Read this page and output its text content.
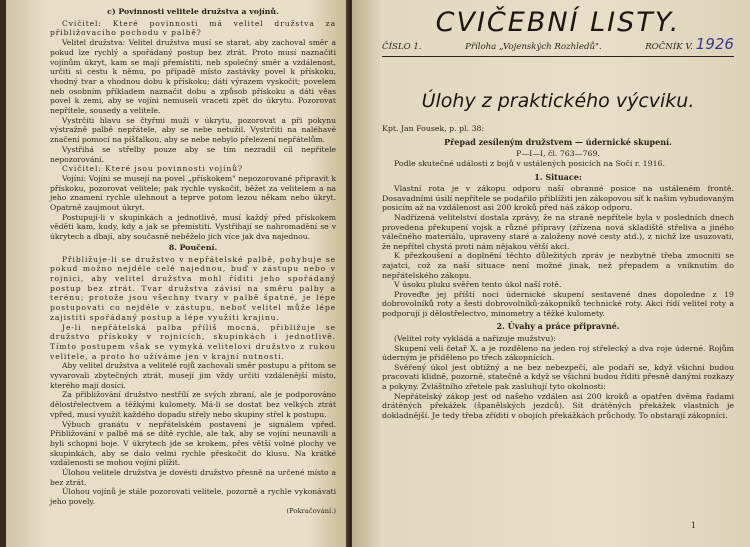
c) Povinnosti velitele družstva a vojínů.

Cvičitel: Které povinnosti má velitel družstva za přibližovacího pochodu v palbě?

Velitel družstva: Velitel družstva musí se starat, aby zachoval směr a pokud lze rychlý a spořádaný postup bez ztrát. Proto musí naznačiti vojínům úkryt, kam se mají přemístiti, neb společný směr a vzdálenost, určiti si cestu k němu, po případě místo zastávky povel k přískoku, vhodný tvar a vhodnou dobu k přískoku; dáti výrazem vyskočit; povelem neb osobním příkladem naznačit dobu a způsob přískoku a dáti věas povel k zemi, aby se vojíni nemuseli vraceti zpět do úkrytu. Pozorovat nepřítele, sousedy a velitele.

Vystrčiti hlavu se čtyřmi muži v úkrytu, pozorovat a při pokynu výstražně palbě nepřátele, aby se nebe netužil. Vystrčiti na naléhavé značení pomocí na píšťalkou, aby se nebe nebylo přelezení nepřátelům.

Vystřihá se střelby pouze aby se tím nezradil cíl nepřítele nepozorování.

Cvičitel: Které jsou povinnosti vojínů?

Vojíni: Vojíni se musejí na povel „přískokem" nepozorované připravit k přískoku, pozorovat velitele; pak rychle vyskočit, běžet za velitelem a na jeho znamení rychle ulehnout a teprve potom lezou někam nebo úkryt. Opatrně zaujmout úkryt.

Postupují-li v skupinkách a jednotlivě, musí každý před přískokem věděti kam, kudy, kdy a jak se přemístiti. Vystřihají se nahromadění se v úkrytech a dbají, aby současně neběželo jich více jak dva najednou.

8. Poučení.

Přibližuje-li se družstvo v nepřátelské palbě, pohybuje se pokud možno nejdéle celé najednou, buď v zástupu nebo v rojnici, aby velitel družstva mohl říditi jeho spořádaný postup bez ztrát. Tvar družstva závisí na směru palby a terénu; protože jsou všechny tvary v palbě špatné, je lépe postupovati co nejdéle v zástupu, neboť velitel může lépe zajistiti spořádaný postup a lépe využíti krajinu.

Je-li nepřátelská palba příliš mocná, přibližuje se družstvo přískoky v rojnicích, skupinkách i jednotlivě. Tímto postupem však se vymyká velitelovi družstvo z rukou velitele, a proto ho užíváme jen v krajní nutnosti.

Aby velitel družstva a velitelé rojů zachovali směr postupu a přitom se vyvarovali zbytečných ztrát, musejí jim vždy určiti vzdálenější místo, kterého mají dosíci.

Za přibližování družstvo nestřílí ze svých zbraní, ale je podporováno dělostřelectvem a těžkými kulomety. Má-li se dostat bez velkých ztrát vpřed, musí využít každého dopadu střely nebo skupiny střel k postupu.

Výbuch granátu v nepřátelském postavení je signálem vpřed. Přibližování v palbě má se dítě rychle, ale tak, aby se vojíni neunavili a byli schopni boje. V úkrytech jde se krokem, přes větší volné plochy ve skupinkách, aby se dalo velmi rychle přeskočit do klusu. Na krátké vzdálenosti se mohou vojíni plížit.

Úlohou velitele družstva je dovésti družstvo přesně na určené místo a bez ztrát.

Úlohou vojínů je stále pozorovati velitele, pozorně a rychle vykonávati jeho povely.

(Pokračování.)
CVIČEBNÍ LISTY.
ČÍSLO 1.	Příloha „Vojenských Rozhledů".	ROČNÍK V. 1926
Úlohy z praktického výcviku.

Kpt. Jan Fousek, p. pl. 38:

Přepad zesíleným družstvem — údernické skupení.

P—I—I, čl. 763—769.

Podle skutečné události z bojů v ustálených posicích na Soči r. 1916.

1. Situace:

Vlastní rota je v zákopu odporu naší obranné posice na ustáleném frontě. Dosavadními úsilí nepřítele se podařilo přiblížiti jen zákopovou síť k našim vybudovaným posicím až na vzdálenost asi 200 kroků před náš zákop odporu.

Nadřízená velitelství dostala zprávy, že na straně nepřítele byla v posledních dnech provedena překupení vojsk a různé přípravy (zřízena nová skladiště střeliva a jiného válečného materiálu, upraveny staré a založeny nové cesty atd.), z nichž lze usuzovati, že nepřítel chystá proti nám nějakou větší akci.

K přezkoušení a doplnění těchto důležitých zpráv je nezbytně třeba zmocniti se zajatci, což za naší situace není možné jinak, než přepadem a vniknutím do nepřátelského zákopu.

V úsoku pluku svěřen tento úkol naší rotě.

Proveďte jej příští noci údernické skupení sestavené dnes dopoledne z 19 dobrovolníků roty a šesti dobrovolníků-zákopníků technické roty. Akci řídí velitel roty a podporují ji dělostřelectvo, minometry a těžké kulomety.

2. Úvahy a práce připravné.

(Velitel roty vykládá a nařizuje mužstvu):

Skupení veli četař X. a je rozděleno na jeden roj střelecký a dva roje úderné. Rojům úderným je přiděleno po třech zákopnících.

Svěřený úkol jest obtížný a ne bez nebezpečí, ale podaří se, když všichni budou pracovati klidně, pozorně, statečně a když se všichni budou říditi přesně danými rozkazy a pokyny. Zvláštního zřetele pak zasluhují tyto okolnosti:

Nepřátelský zákop jest od našeho vzdálen asi 200 kroků a opatřen dvěma řadami drátěných překážek (španělských jezdců). Sít drátěných překážek vlastních je dokladnější. Je tedy třeba zříditi v obojích překážkách průchody. To obstarají zákopníci.

1
